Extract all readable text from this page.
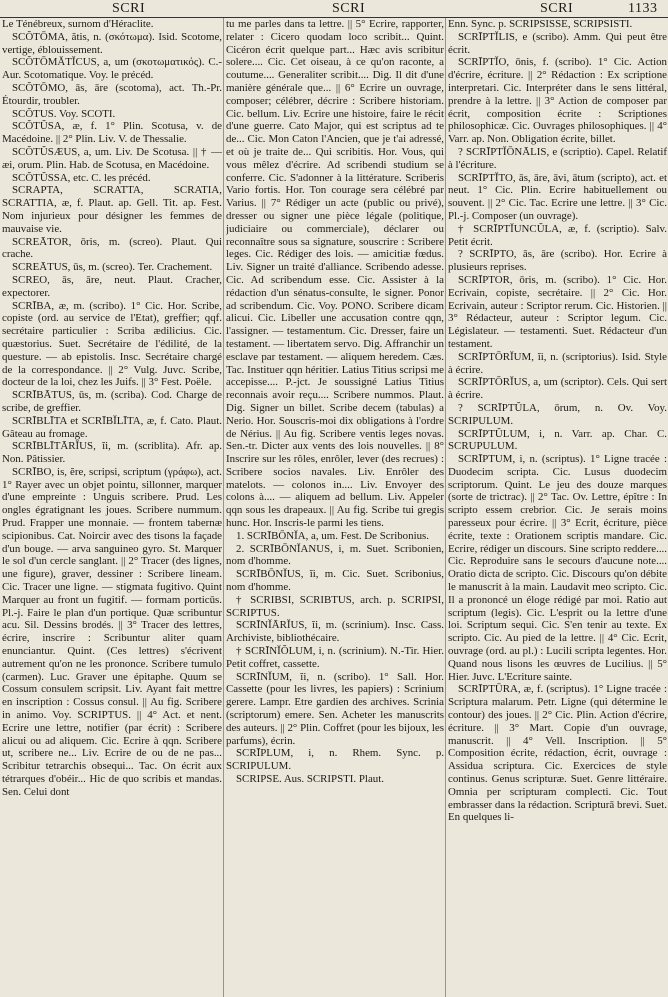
SCRI	SCRI	SCRI	1133

Le Ténébreux, surnom d'Héraclite.

SCŎTŌMA, ătis, n. (σκότωμα). Isid. Scotome, vertige, éblouissement.

SCŎTŌMĂTĬCUS, a, um (σκοτωματικός). C.-Aur. Scotomatique. Voy. le précéd.

SCŎTŌMO, ās, āre (scotoma), act. Th.-Pr. Étourdir, troubler.

SCŎTUS. Voy. SCOTI.

SCŎTŬSA, æ, f. 1° Plin. Scotusa, v. de Macédoine. || 2° Plin. Liv. V. de Thessalie.

SCŎTŬSÆUS, a, um. Liv. De Scotusa. || † — æi, orum. Plin. Hab. de Scotusa, en Macédoine.

SCŎTŬSSA, etc. C. les précéd.

SCRAPTA, SCRATTA, SCRATIA, SCRATTIA, æ, f. Plaut. ap. Gell. Tit. ap. Fest. Nom injurieux pour désigner les femmes de mauvaise vie.

SCREĀTOR, ōris, m. (screo). Plaut. Qui crache.

SCREĀTUS, ūs, m. (screo). Ter. Crachement.

SCREO, ās, āre, neut. Plaut. Cracher, expectorer.

SCRĪBA, æ, m. (scribo). 1° Cic. Hor. Scribe, copiste (ord. au service de l'Etat), greffier; qqf. secrétaire particulier : Scriba ædilicius. Cic. quæstorius. Suet. Secrétaire de l'édilité, de la questure. — ab epistolis. Insc. Secrétaire chargé de la correspondance. || 2° Vulg. Juvc. Scribe, docteur de la loi, chez les Juifs. || 3° Fest. Poële.

SCRĪBĀTUS, ūs, m. (scriba). Cod. Charge de scribe, de greffier.

SCRĪBLĪTA et SCRĪBĬLĪTA, æ, f. Cato. Plaut. Gâteau au fromage.

SCRĪBLĪTĀRĬUS, ĭi, m. (scriblita). Afr. ap. Non. Pâtissier.

SCRĪBO, is, ĕre, scripsi, scriptum (γράφω), act. 1° Rayer avec un objet pointu, sillonner, marquer d'une empreinte : Unguis scribere. Prud. Les ongles égratignant les joues. Scribere nummum. Prud. Frapper une monnaie. — frontem tabernæ scipionibus. Cat. Noircir avec des tisons la façade d'un bouge. — arva sanguineo gyro. St. Marquer le sol d'un cercle sanglant. || 2° Tracer (des lignes, une figure), graver, dessiner : Scribere lineam. Cic. Tracer une ligne. — stigmata fugitivo. Quint Marquer au front un fugitif. — formam porticūs. Pl.-j. Faire le plan d'un portique. Quæ scribuntur acu. Sil. Dessins brodés. || 3° Tracer des lettres, écrire, inscrire : Scribuntur aliter quam enunciantur. Quint. (Ces lettres) s'écrivent autrement qu'on ne les prononce. Scribere tumulo (carmen). Luc. Graver une épitaphe. Quum se Cossum consulem scripsit. Liv. Ayant fait mettre en inscription : Cossus consul. || Au fig. Scribere in animo. Voy. SCRIPTUS. || 4° Act. et nent. Ecrire une lettre, notifier (par écrit) : Scribere alicui ou ad aliquem. Cic. Ecrire à qqn. Scribere ut, scribere ne... Liv. Ecrire de ou de ne pas... Scribitur tetrarchis obsequi... Tac. On écrit aux tétrarques d'obéir... Hic de quo scribis et mandas. Sen. Celui dont

tu me parles dans ta lettre. || 5° Ecrire, rapporter, relater : Cicero quodam loco scribit... Quint. Cicéron écrit quelque part... Hæc avis scribitur solere.... Cic. Cet oiseau, à ce qu'on raconte, a coutume.... Generaliter scribit.... Dig. Il dit d'une manière générale que... || 6° Ecrire un ouvrage, composer; célébrer, décrire : Scribere historiam. Cic. bellum. Liv. Ecrire une histoire, faire le récit d'une guerre. Cato Major, qui est scriptus ad te de... Cic. Mon Caton l'Ancien, que je t'ai adressé, et où je traite de... Qui scribitis. Hor. Vous, qui vous mêlez d'écrire. Ad scribendi studium se conferre. Cic. S'adonner à la littérature. Scriberis Vario fortis. Hor. Ton courage sera célébré par Varius. || 7° Rédiger un acte (public ou privé), dresser ou signer une pièce légale (politique, judiciaire ou commerciale), déclarer ou reconnaître sous sa signature, souscrire : Scribere leges. Cic. Rédiger des lois. — amicitiæ fœdus. Liv. Signer un traité d'alliance. Scribendo adesse. Cic. Ad scribendum esse. Cic. Assister à la rédaction d'un sénatus-consulte, le signer. Ponor ad scribendum. Cic. Voy. PONO. Scribere dicam alicui. Cic. Libeller une accusation contre qqn, l'assigner. — testamentum. Cic. Dresser, faire un testament. — libertatem servo. Dig. Affranchir un esclave par testament. — aliquem heredem. Cæs. Tac. Instituer qqn héritier. Latius Titius scripsi me accepisse.... P.-jct. Je soussigné Latius Titius reconnais avoir reçu.... Scribere nummos. Plaut. Dig. Signer un billet. Scribe decem (tabulas) a Nerio. Hor. Souscris-moi dix obligations à l'ordre de Nérius. || Au fig. Scribere ventis leges novas. Sen.-tr. Dicter aux vents des lois nouvelles. || 8° Inscrire sur les rôles, enrôler, lever (des recrues) : Scribere socios navales. Liv. Enrôler des matelots. — colonos in.... Liv. Envoyer des colons à.... — aliquem ad bellum. Liv. Appeler qqn sous les drapeaux. || Au fig. Scribe tui gregis hunc. Hor. Inscris-le parmi les tiens.

1. SCRĪBŌNĬA, a, um. Fest. De Scribonius.

2. SCRĪBŌNĬANUS, i, m. Suet. Scribonien, nom d'homme.

SCRĪBŌNĬUS, ĭi, m. Cic. Suet. Scribonius, nom d'homme.

† SCRIBSI, SCRIBTUS, arch. p. SCRIPSI, SCRIPTUS.

SCRĪNĬĀRĬUS, ĭi, m. (scrinium). Insc. Cass. Archiviste, bibliothécaire.

† SCRĪNĬŎLUM, i, n. (scrinium). N.-Tir. Hier. Petit coffret, cassette.

SCRĪNĬUM, ĭi, n. (scribo). 1° Sall. Hor. Cassette (pour les livres, les papiers) : Scrinium gerere. Lampr. Etre gardien des archives. Scrinia (scriptorum) emere. Sen. Acheter les manuscrits des auteurs. || 2° Plin. Coffret (pour les bijoux, les parfums), écrin.

SCRĪPLUM, i, n. Rhem. Sync. p. SCRIPULUM.

SCRIPSE. Aus. SCRIPSTI. Plaut.

Enn. Sync. p. SCRIPSISSE, SCRIPSISTI.

SCRĪPTĬLIS, e (scribo). Amm. Qui peut être écrit.

SCRĪPTĬO, ōnis, f. (scribo). 1° Cic. Action d'écrire, écriture. || 2° Rédaction : Ex scriptione interpretari. Cic. Interpréter dans le sens littéral, prendre à la lettre. || 3° Action de composer par écrit, composition écrite : Scriptiones philosophicæ. Cic. Ouvrages philosophiques. || 4° Varr. ap. Non. Obligation écrite, billet.

? SCRĪPTĬŌNĀLIS, e (scriptio). Capel. Relatif à l'écriture.

SCRĪPTĬTO, ās, āre, āvi, ātum (scripto), act. et neut. 1° Cic. Plin. Ecrire habituellement ou souvent. || 2° Cic. Tac. Ecrire une lettre. || 3° Cic. Pl.-j. Composer (un ouvrage).

† SCRĪPTĬUNCŬLA, æ, f. (scriptio). Salv. Petit écrit.

? SCRĪPTO, ās, āre (scribo). Hor. Ecrire à plusieurs reprises.

SCRĪPTOR, ōris, m. (scribo). 1° Cic. Hor. Ecrivain, copiste, secrétaire. || 2° Cic. Hor. Ecrivain, auteur : Scriptor rerum. Cic. Historien. || 3° Rédacteur, auteur : Scriptor legum. Cic. Législateur. — testamenti. Suet. Rédacteur d'un testament.

SCRĪPTŌRĬUM, ĭi, n. (scriptorius). Isid. Style à écrire.

SCRĪPTŌRĬUS, a, um (scriptor). Cels. Qui sert à écrire.

? SCRĪPTŬLA, ōrum, n. Ov. Voy. SCRIPULUM.

SCRĪPTŬLUM, i, n. Varr. ap. Char. C. SCRUPULUM.

SCRĪPTUM, i, n. (scriptus). 1° Ligne tracée : Duodecim scripta. Cic. Lusus duodecim scriptorum. Quint. Le jeu des douze marques (sorte de trictrac). || 2° Tac. Ov. Lettre, épître : In scripto essem crebrior. Cic. Je serais moins paresseux pour écrire. || 3° Ecrit, écriture, pièce écrite, texte : Orationem scriptis mandare. Cic. Ecrire, rédiger un discours. Sine scripto reddere.... Cic. Reproduire sans le secours d'aucune note.... Oratio dicta de scripto. Cic. Discours qu'on débite le manuscrit à la main. Laudavit meo scripto. Cic. Il a prononcé un éloge rédigé par moi. Ratio aut scriptum (legis). Cic. L'esprit ou la lettre d'une loi. Scriptum sequi. Cic. S'en tenir au texte. Ex scripto. Cic. Au pied de la lettre. || 4° Cic. Ecrit, ouvrage (ord. au pl.) : Lucili scripta legentes. Hor. Quand nous lisons les œuvres de Lucilius. || 5° Hier. Juvc. L'Ecriture sainte.

SCRĪPTŪRA, æ, f. (scriptus). 1° Ligne tracée : Scriptura malarum. Petr. Ligne (qui détermine le contour) des joues. || 2° Cic. Plin. Action d'écrire, écriture. || 3° Mart. Copie d'un ouvrage, manuscrit. || 4° Vell. Inscription. || 5° Composition écrite, rédaction, écrit, ouvrage : Assidua scriptura. Cic. Exercices de style continus. Genus scripturæ. Suet. Genre littéraire. Omnia per scripturam complecti. Cic. Tout embrasser dans la rédaction. Scripturā brevi. Suet. En quelques li-
